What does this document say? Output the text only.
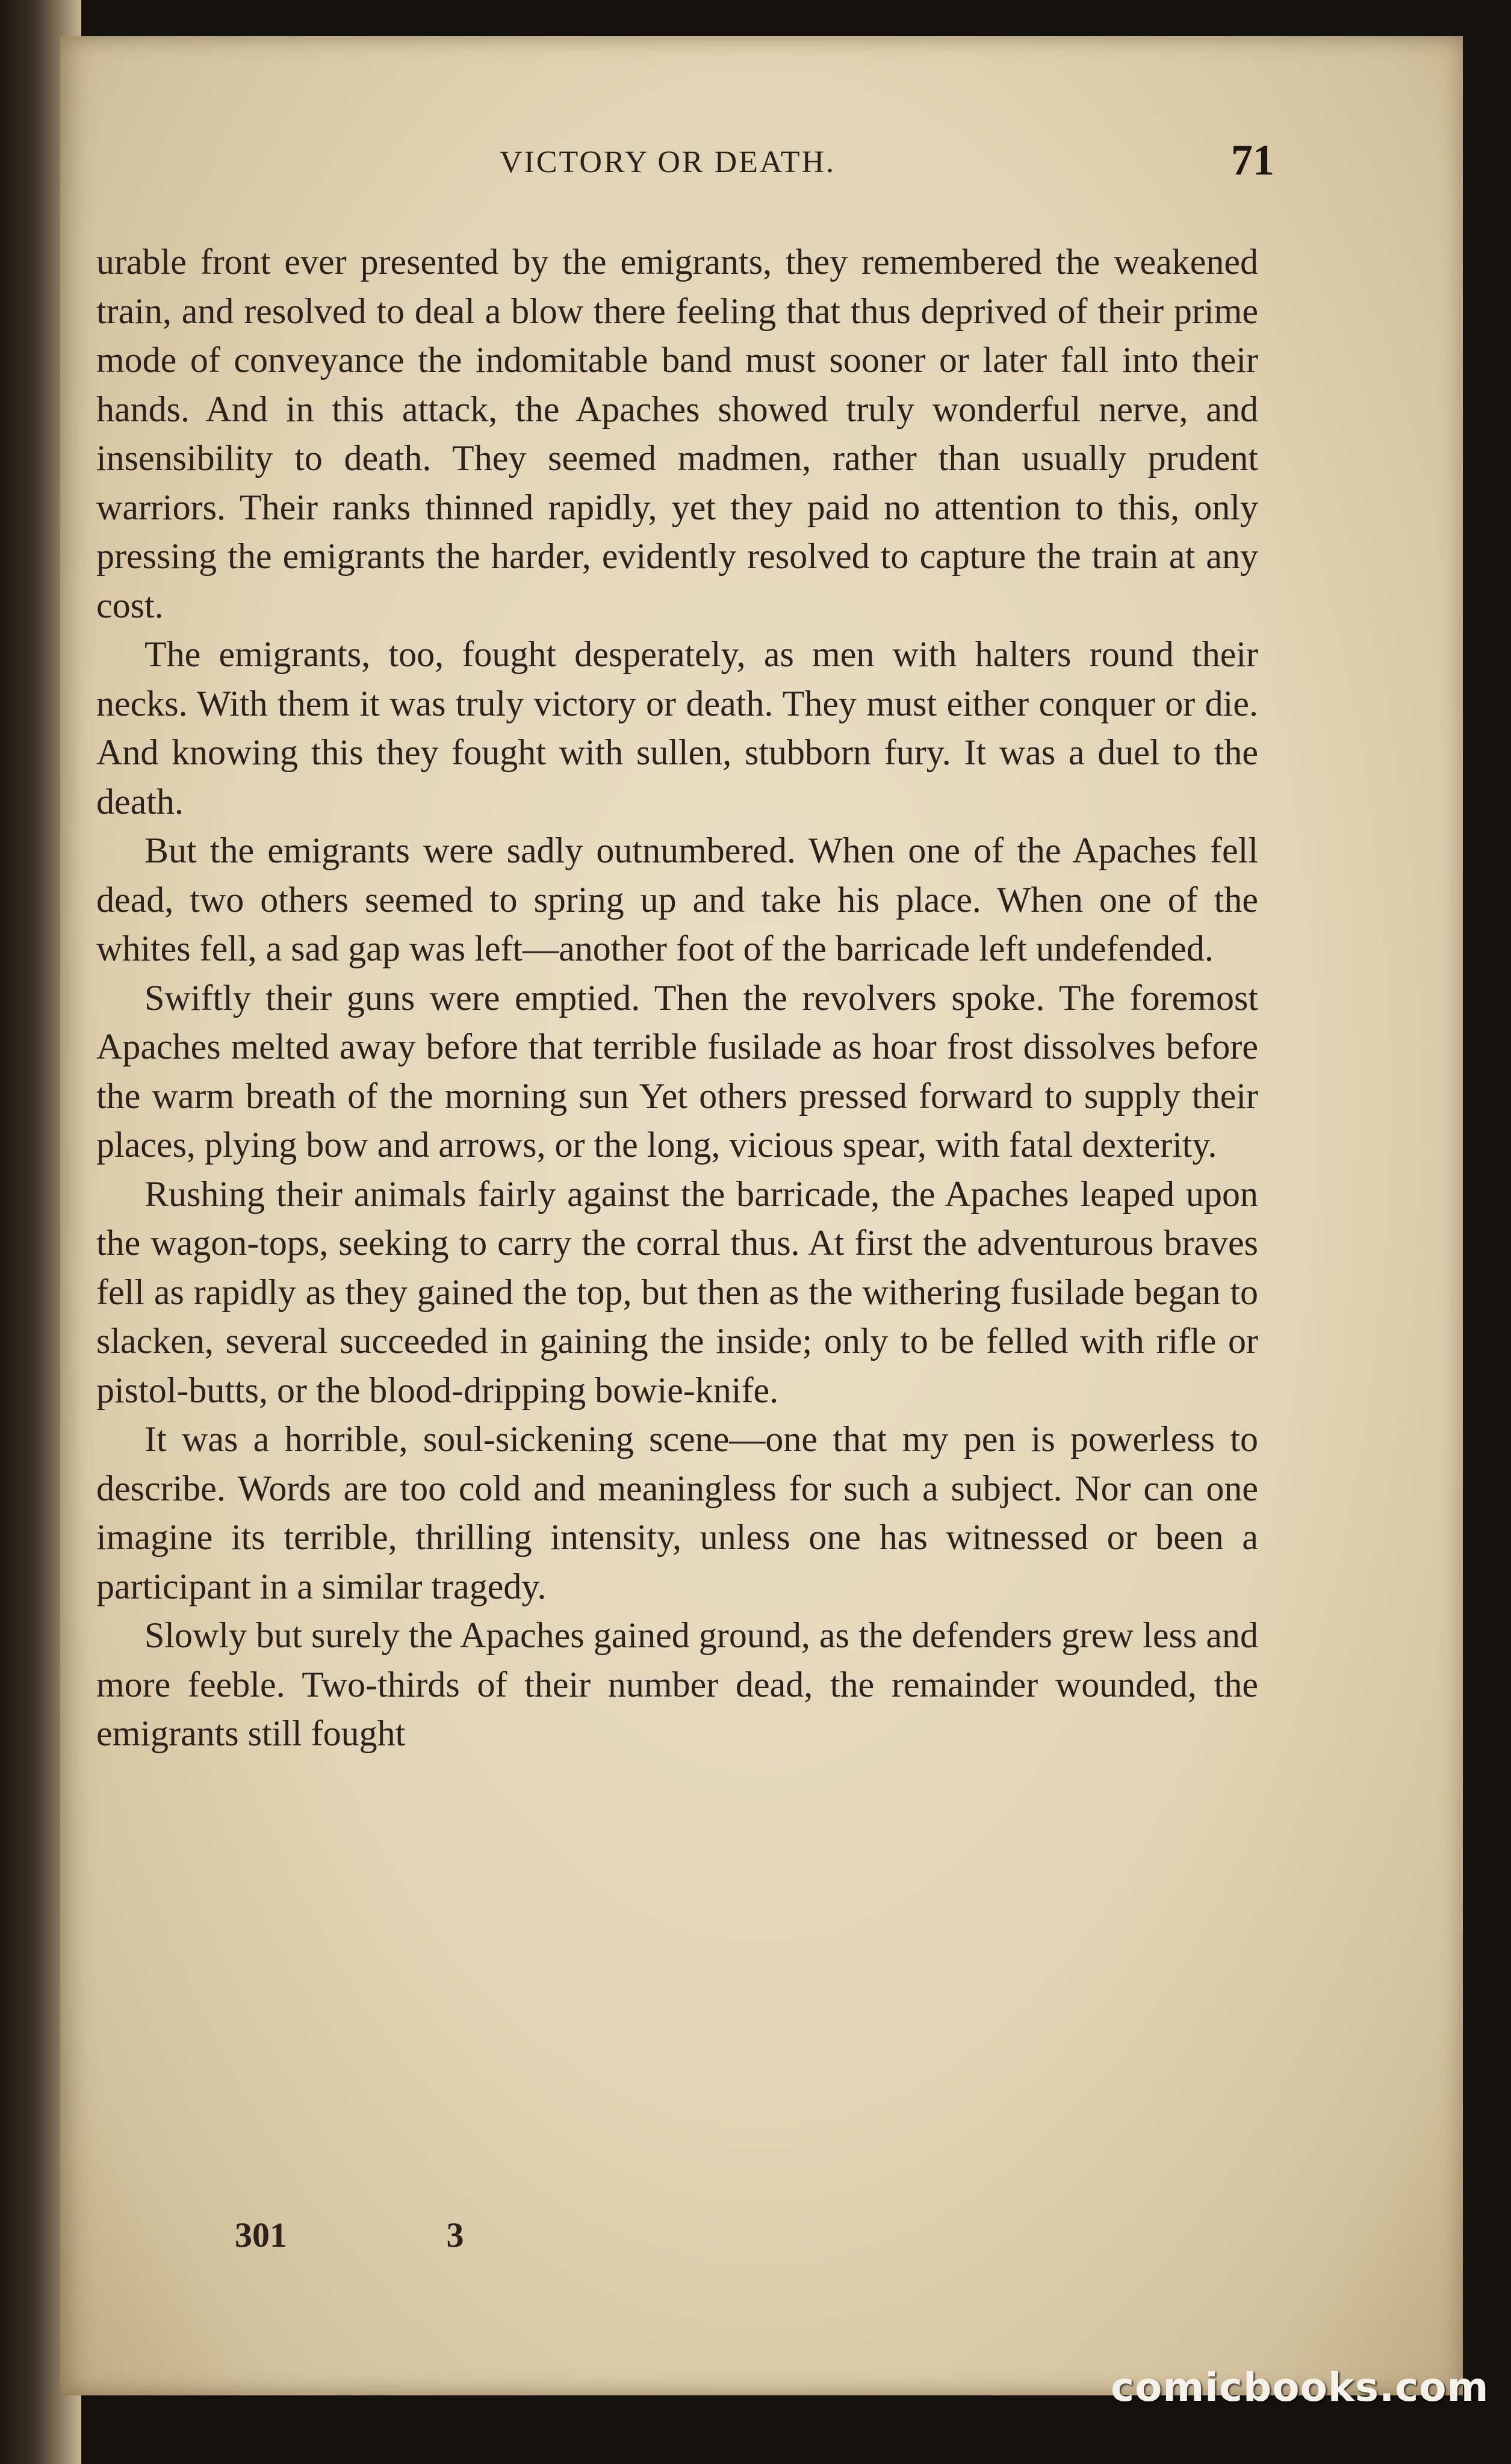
VICTORY OR DEATH.	71

urable front ever presented by the emigrants, they remembered the weakened train, and resolved to deal a blow there feeling that thus deprived of their prime mode of conveyance the indomitable band must sooner or later fall into their hands. And in this attack, the Apaches showed truly wonderful nerve, and insensibility to death. They seemed madmen, rather than usually prudent warriors. Their ranks thinned rapidly, yet they paid no attention to this, only pressing the emigrants the harder, evidently resolved to capture the train at any cost.

The emigrants, too, fought desperately, as men with halters round their necks. With them it was truly victory or death. They must either conquer or die. And knowing this they fought with sullen, stubborn fury. It was a duel to the death.

But the emigrants were sadly outnumbered. When one of the Apaches fell dead, two others seemed to spring up and take his place. When one of the whites fell, a sad gap was left—another foot of the barricade left undefended.

Swiftly their guns were emptied. Then the revolvers spoke. The foremost Apaches melted away before that terrible fusilade as hoar frost dissolves before the warm breath of the morning sun Yet others pressed forward to supply their places, plying bow and arrows, or the long, vicious spear, with fatal dexterity.

Rushing their animals fairly against the barricade, the Apaches leaped upon the wagon-tops, seeking to carry the corral thus. At first the adventurous braves fell as rapidly as they gained the top, but then as the withering fusilade began to slacken, several succeeded in gaining the inside; only to be felled with rifle or pistol-butts, or the blood-dripping bowie-knife.

It was a horrible, soul-sickening scene—one that my pen is powerless to describe. Words are too cold and meaningless for such a subject. Nor can one imagine its terrible, thrilling intensity, unless one has witnessed or been a participant in a similar tragedy.

Slowly but surely the Apaches gained ground, as the defenders grew less and more feeble. Two-thirds of their number dead, the remainder wounded, the emigrants still fought

301	3
comicbooks.com
